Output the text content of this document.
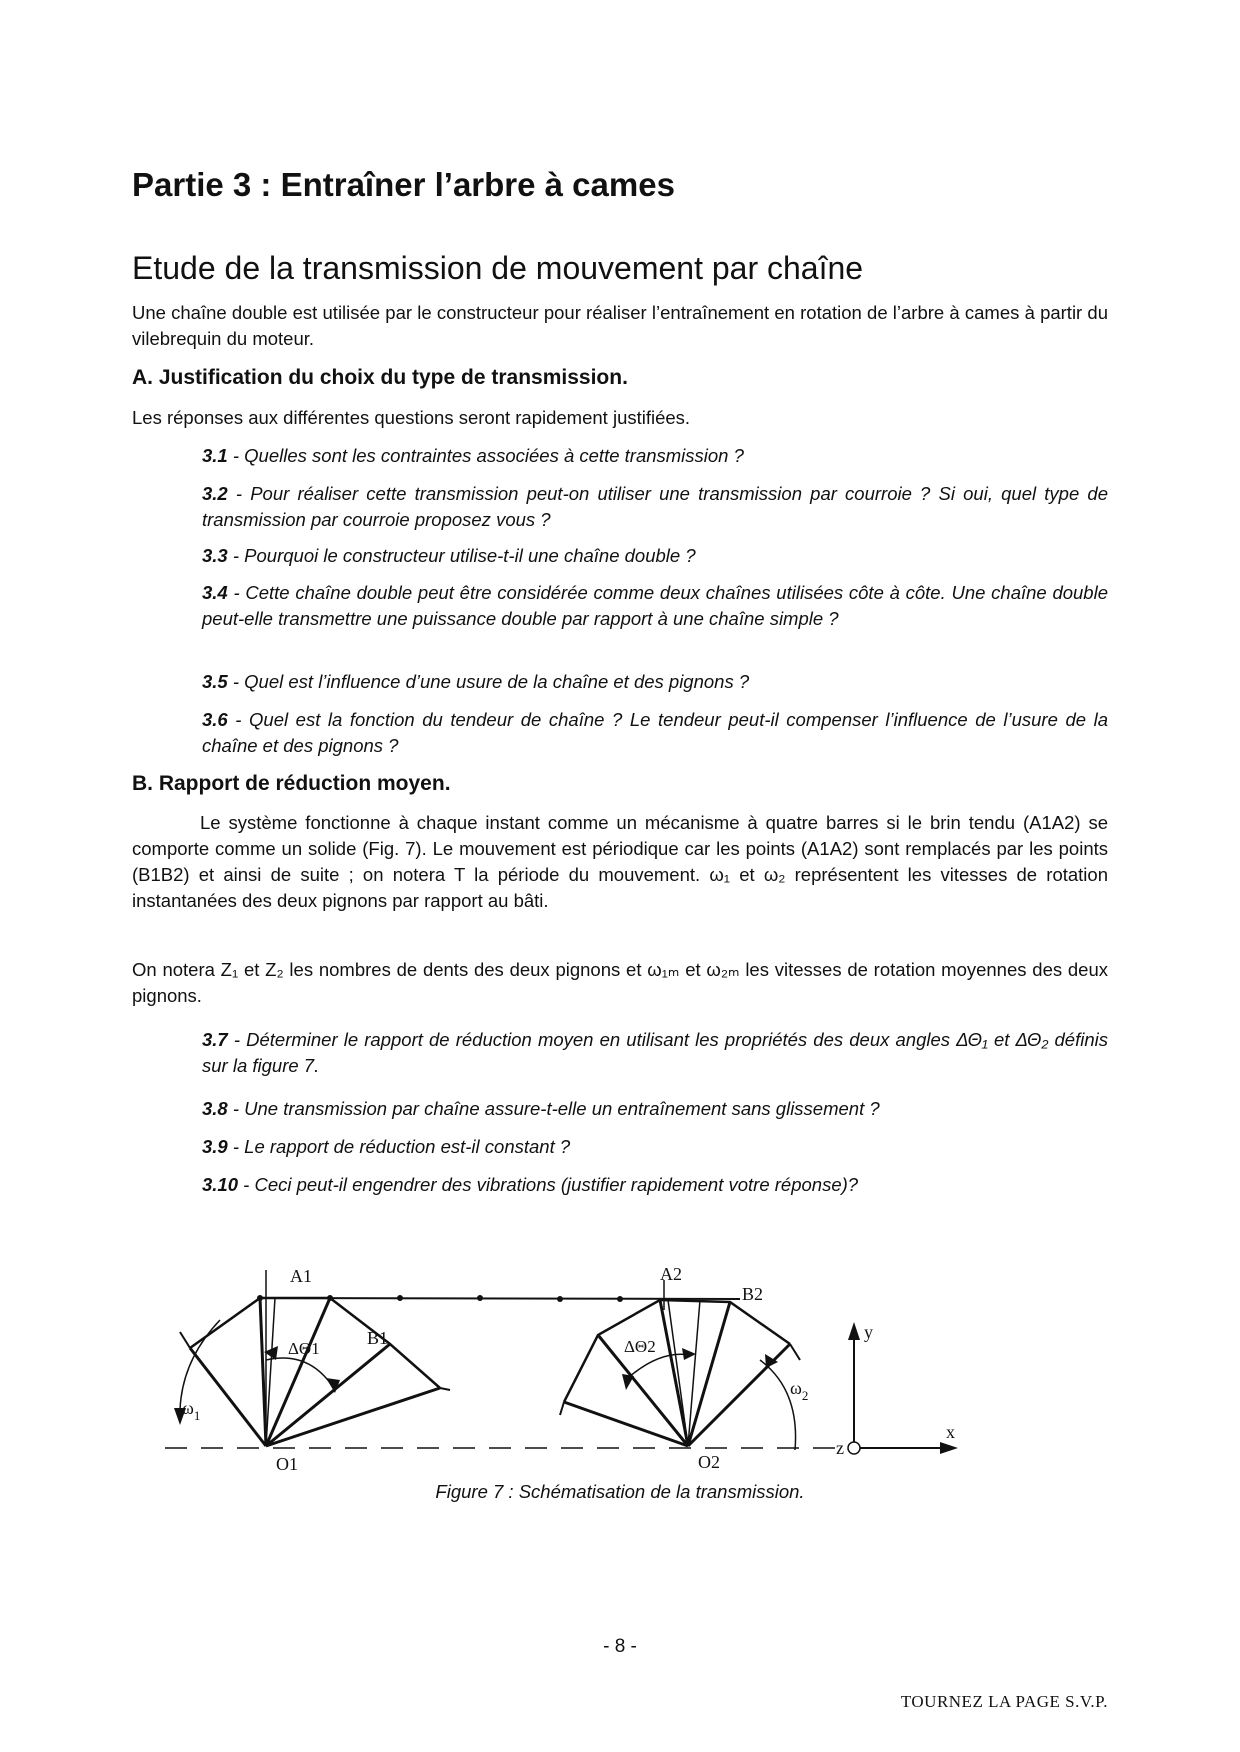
Partie 3 : Entraîner l’arbre à cames
Etude de la transmission de mouvement par chaîne

Une chaîne double est utilisée par le constructeur pour réaliser l’entraînement en rotation de l’arbre à cames à partir du vilebrequin du moteur.

A. Justification du choix du type de transmission.

Les réponses aux différentes questions seront rapidement justifiées.

3.1 - Quelles sont les contraintes associées à cette transmission ?

3.2 - Pour réaliser cette transmission peut-on utiliser une transmission par courroie ? Si oui, quel type de transmission par courroie proposez vous ?

3.3 - Pourquoi le constructeur utilise-t-il une chaîne double ?

3.4 - Cette chaîne double peut être considérée comme deux chaînes utilisées côte à côte. Une chaîne double peut-elle transmettre une puissance double par rapport à une chaîne simple ?

3.5 - Quel est l’influence d’une usure de la chaîne et des pignons ?

3.6 - Quel est la fonction du tendeur de chaîne ? Le tendeur peut-il compenser l’influence de l’usure de la chaîne et des pignons ?

B. Rapport de réduction moyen.

Le système fonctionne à chaque instant comme un mécanisme à quatre barres si le brin tendu (A1A2) se comporte comme un solide (Fig. 7). Le mouvement est périodique car les points (A1A2) sont remplacés par les points (B1B2) et ainsi de suite ; on notera T la période du mouvement. ω₁ et ω₂ représentent les vitesses de rotation instantanées des deux pignons par rapport au bâti.

On notera Z₁ et Z₂ les nombres de dents des deux pignons et ω₁ₘ et ω₂ₘ les vitesses de rotation moyennes des deux pignons.

3.7 - Déterminer le rapport de réduction moyen en utilisant les propriétés des deux angles ΔΘ₁ et ΔΘ₂ définis sur la figure 7.

3.8 - Une transmission par chaîne assure-t-elle un entraînement sans glissement ?

3.9 - Le rapport de réduction est-il constant ?

3.10 - Ceci peut-il engendrer des vibrations (justifier rapidement votre réponse)?

A1	A2
B1
B2
O1	O2
ΔΘ1	ΔΘ2
$\omega_1$
$\omega_2$
y
x
z

Figure 7 : Schématisation de la transmission.

- 8 -

TOURNEZ LA PAGE S.V.P.
